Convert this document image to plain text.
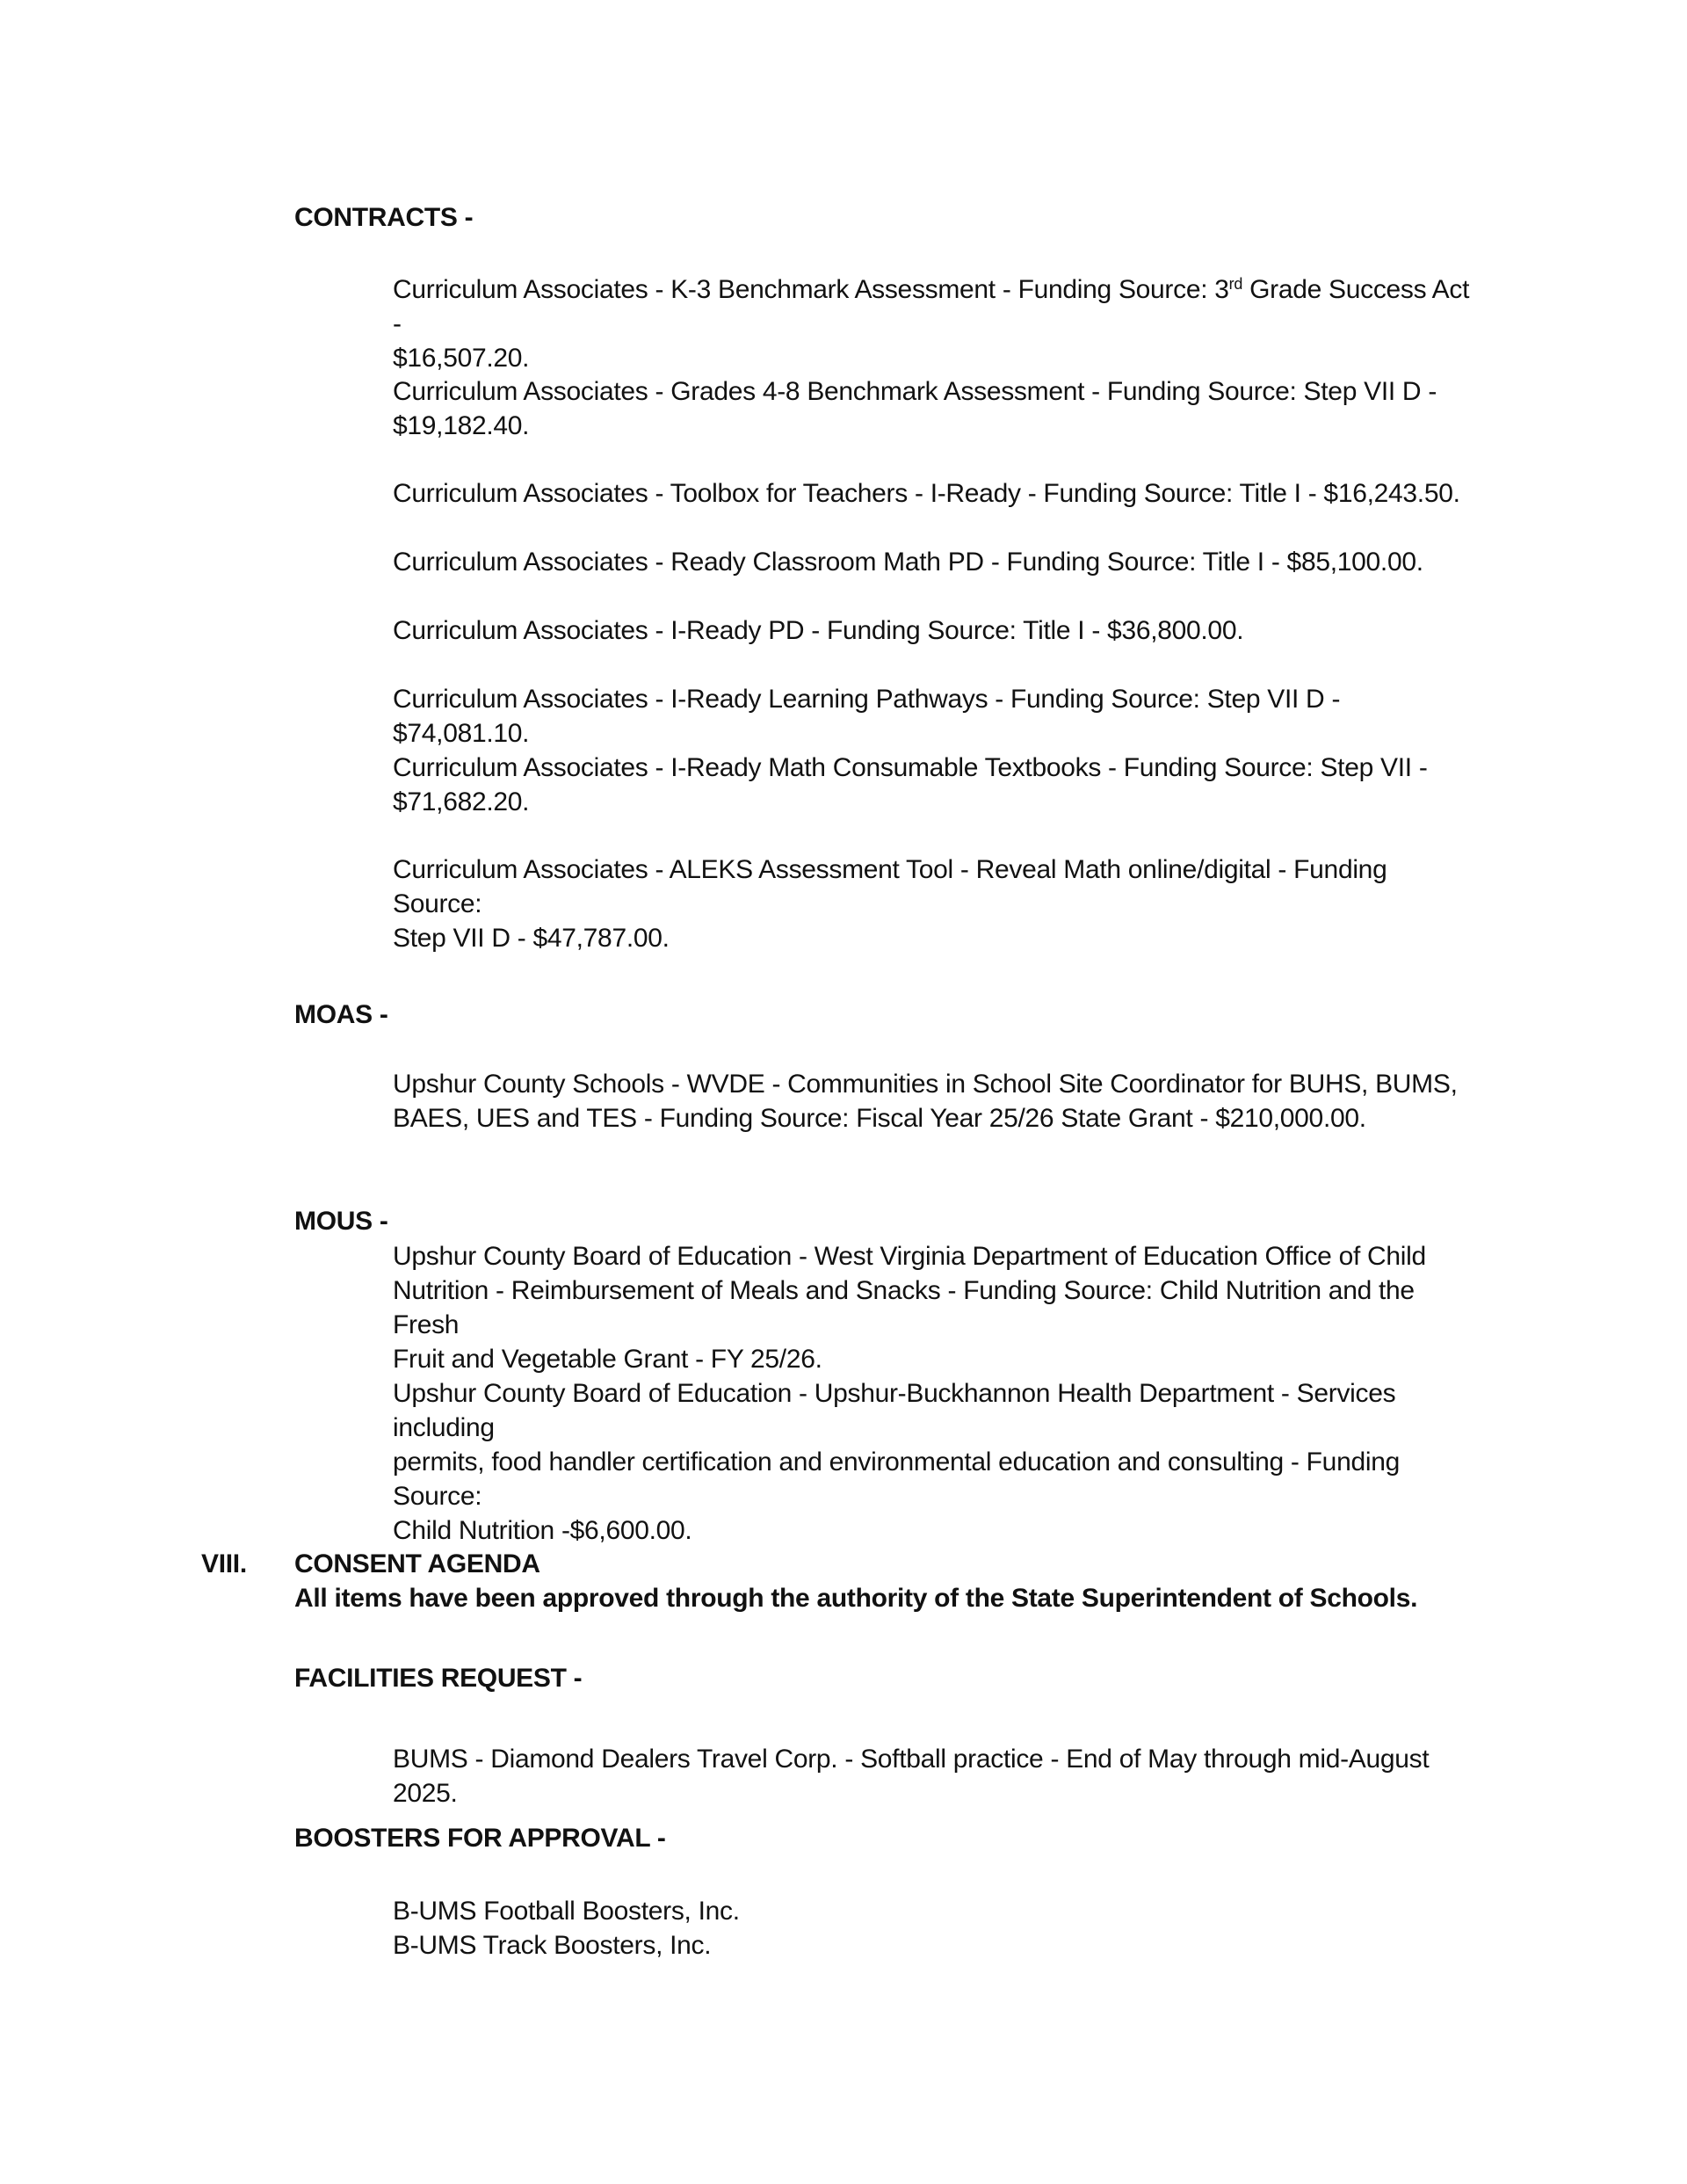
CONTRACTS -

Curriculum Associates - K-3 Benchmark Assessment - Funding Source: 3rd Grade Success Act -

$16,507.20.

Curriculum Associates - Grades 4-8 Benchmark Assessment - Funding Source: Step VII D -

$19,182.40.

Curriculum Associates - Toolbox for Teachers - I-Ready - Funding Source: Title I - $16,243.50.

Curriculum Associates - Ready Classroom Math PD - Funding Source: Title I - $85,100.00.

Curriculum Associates - I-Ready PD - Funding Source: Title I - $36,800.00.

Curriculum Associates - I-Ready Learning Pathways - Funding Source: Step VII D - $74,081.10.

Curriculum Associates - I-Ready Math Consumable Textbooks - Funding Source: Step VII -

$71,682.20.

Curriculum Associates - ALEKS Assessment Tool - Reveal Math online/digital - Funding Source:

Step VII D - $47,787.00.

MOAS -

Upshur County Schools - WVDE - Communities in School Site Coordinator for BUHS, BUMS,

BAES, UES and TES - Funding Source: Fiscal Year 25/26 State Grant - $210,000.00.

MOUS -

Upshur County Board of Education - West Virginia Department of Education Office of Child

Nutrition - Reimbursement of Meals and Snacks - Funding Source: Child Nutrition and the Fresh

Fruit and Vegetable Grant - FY 25/26.

Upshur County Board of Education - Upshur-Buckhannon Health Department - Services including

permits, food handler certification and environmental education and consulting - Funding Source:

Child Nutrition -$6,600.00.

VIII. CONSENT AGENDA
All items have been approved through the authority of the State Superintendent of Schools.
FACILITIES REQUEST -

BUMS - Diamond Dealers Travel Corp. - Softball practice - End of May through mid-August 2025.

BOOSTERS FOR APPROVAL -

B-UMS Football Boosters, Inc.

B-UMS Track Boosters, Inc.
